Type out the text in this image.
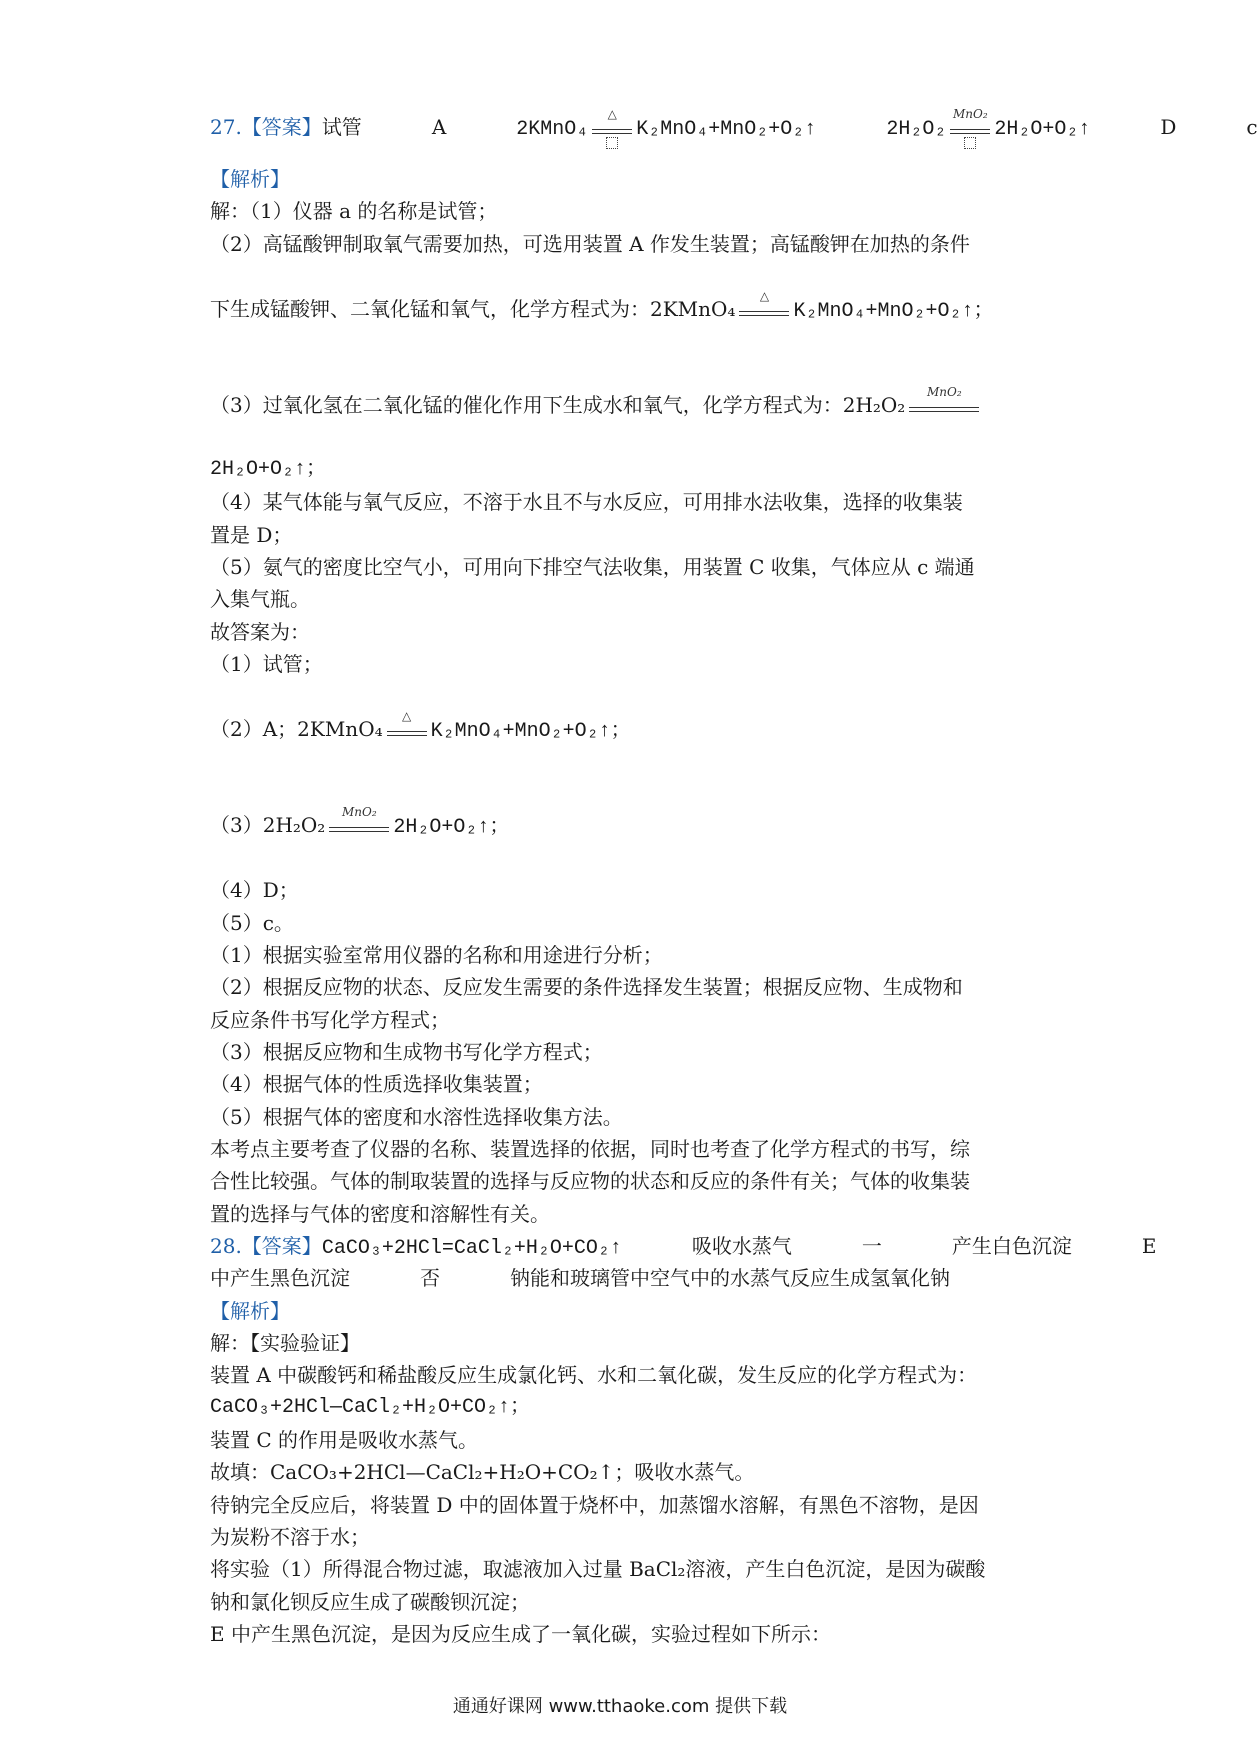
27.【答案】试管	A	2KMnO₄
△
K₂MnO₄+MnO₂+O₂↑	2H₂O₂
MnO₂
2H₂O+O₂↑	D	c
【解析】
解：（1）仪器 a 的名称是试管；
（2）高锰酸钾制取氧气需要加热，可选用装置 A 作发生装置；高锰酸钾在加热的条件
下生成锰酸钾、二氧化锰和氧气，化学方程式为：2KMnO₄
△
K₂MnO₄+MnO₂+O₂↑；
（3）过氧化氢在二氧化锰的催化作用下生成水和氧气，化学方程式为：2H₂O₂
MnO₂
2H₂O+O₂↑；
（4）某气体能与氧气反应，不溶于水且不与水反应，可用排水法收集，选择的收集装
置是 D；
（5）氨气的密度比空气小，可用向下排空气法收集，用装置 C 收集，气体应从 c 端通
入集气瓶。
故答案为：
（1）试管；
（2）A；2KMnO₄
△
K₂MnO₄+MnO₂+O₂↑；
（3）2H₂O₂
MnO₂
2H₂O+O₂↑；
（4）D；
（5）c。
（1）根据实验室常用仪器的名称和用途进行分析；
（2）根据反应物的状态、反应发生需要的条件选择发生装置；根据反应物、生成物和
反应条件书写化学方程式；
（3）根据反应物和生成物书写化学方程式；
（4）根据气体的性质选择收集装置；
（5）根据气体的密度和水溶性选择收集方法。
本考点主要考查了仪器的名称、装置选择的依据，同时也考查了化学方程式的书写，综
合性比较强。气体的制取装置的选择与反应物的状态和反应的条件有关；气体的收集装
置的选择与气体的密度和溶解性有关。
28.【答案】CaCO₃+2HCl=CaCl₂+H₂O+CO₂↑	吸收水蒸气	一	产生白色沉淀	E
中产生黑色沉淀	否	钠能和玻璃管中空气中的水蒸气反应生成氢氧化钠
【解析】
解：【实验验证】
装置 A 中碳酸钙和稀盐酸反应生成氯化钙、水和二氧化碳，发生反应的化学方程式为：
CaCO₃+2HCl—CaCl₂+H₂O+CO₂↑；
装置 C 的作用是吸收水蒸气。
故填：CaCO₃+2HCl—CaCl₂+H₂O+CO₂↑；吸收水蒸气。
待钠完全反应后，将装置 D 中的固体置于烧杯中，加蒸馏水溶解，有黑色不溶物，是因
为炭粉不溶于水；
将实验（1）所得混合物过滤，取滤液加入过量 BaCl₂溶液，产生白色沉淀，是因为碳酸
钠和氯化钡反应生成了碳酸钡沉淀；
E 中产生黑色沉淀，是因为反应生成了一氧化碳，实验过程如下所示：
通通好课网 www.tthaoke.com 提供下载
